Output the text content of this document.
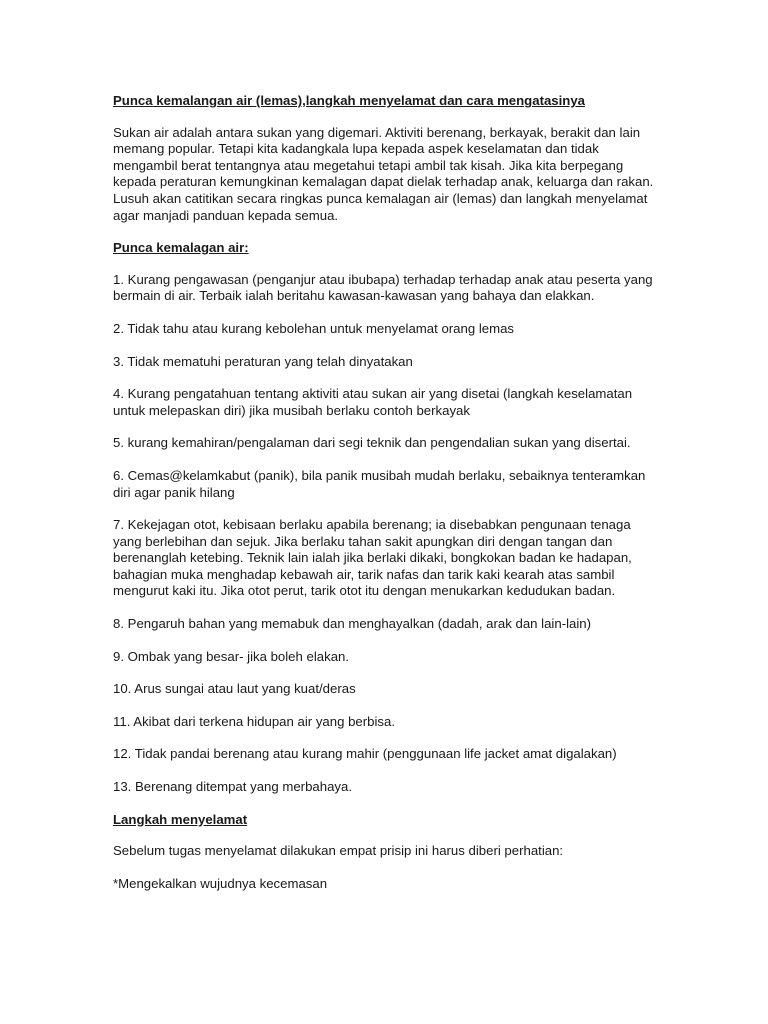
Punca kemalangan air (lemas),langkah menyelamat dan cara mengatasinya
Sukan air adalah antara sukan yang digemari. Aktiviti berenang, berkayak, berakit dan lain memang popular. Tetapi kita kadangkala lupa kepada aspek keselamatan dan tidak mengambil berat tentangnya atau megetahui tetapi ambil tak kisah. Jika kita berpegang kepada peraturan kemungkinan kemalagan dapat dielak terhadap anak, keluarga dan rakan. Lusuh akan catitikan secara ringkas punca kemalagan air (lemas) dan langkah menyelamat agar manjadi panduan kepada semua.
Punca kemalagan air:
1. Kurang pengawasan (penganjur atau ibubapa) terhadap terhadap anak atau peserta yang bermain di air. Terbaik ialah beritahu kawasan-kawasan yang bahaya dan elakkan.
2. Tidak tahu atau kurang kebolehan untuk menyelamat orang lemas
3. Tidak mematuhi peraturan yang telah dinyatakan
4. Kurang pengatahuan tentang aktiviti atau sukan air yang disetai (langkah keselamatan untuk melepaskan diri) jika musibah berlaku contoh berkayak
5. kurang kemahiran/pengalaman dari segi teknik dan pengendalian sukan yang disertai.
6. Cemas@kelamkabut (panik), bila panik musibah mudah berlaku, sebaiknya tenteramkan diri agar panik hilang
7. Kekejagan otot, kebisaan berlaku apabila berenang; ia disebabkan pengunaan tenaga yang berlebihan dan sejuk. Jika berlaku tahan sakit apungkan diri dengan tangan dan berenanglah ketebing. Teknik lain ialah jika berlaki dikaki, bongkokan badan ke hadapan, bahagian muka menghadap kebawah air, tarik nafas dan tarik kaki kearah atas sambil mengurut kaki itu. Jika otot perut, tarik otot itu dengan menukarkan kedudukan badan.
8. Pengaruh bahan yang memabuk dan menghayalkan (dadah, arak dan lain-lain)
9. Ombak yang besar- jika boleh elakan.
10. Arus sungai atau laut yang kuat/deras
11. Akibat dari terkena hidupan air yang berbisa.
12. Tidak pandai berenang atau kurang mahir (penggunaan life jacket amat digalakan)
13. Berenang ditempat yang merbahaya.
Langkah menyelamat
Sebelum tugas menyelamat dilakukan empat prisip ini harus diberi perhatian:
*Mengekalkan wujudnya kecemasan
